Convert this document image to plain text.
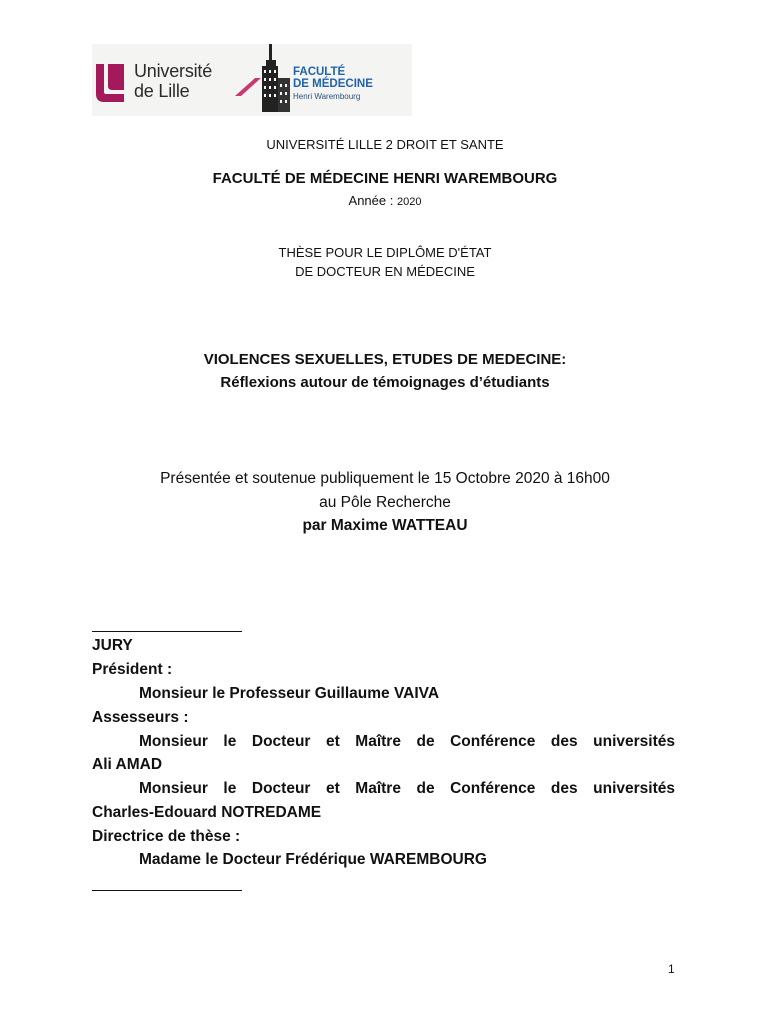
Université
de Lille
FACULTÉ
DE MÉDECINE
Henri Warembourg
UNIVERSITÉ LILLE 2 DROIT ET SANTE
FACULTÉ DE MÉDECINE HENRI WAREMBOURG
Année : 2020
THÈSE POUR LE DIPLÔME D'ÉTAT
DE DOCTEUR EN MÉDECINE
VIOLENCES SEXUELLES, ETUDES DE MEDECINE:
Réflexions autour de témoignages d’étudiants
Présentée et soutenue publiquement le 15 Octobre 2020 à 16h00
au Pôle Recherche
par Maxime WATTEAU
JURY
Président :
Monsieur le Professeur Guillaume VAIVA
Assesseurs :
Monsieur le Docteur et Maître de Conférence des universités
Ali AMAD
Monsieur le Docteur et Maître de Conférence des universités
Charles-Edouard NOTREDAME
Directrice de thèse :
Madame le Docteur Frédérique WAREMBOURG
1
